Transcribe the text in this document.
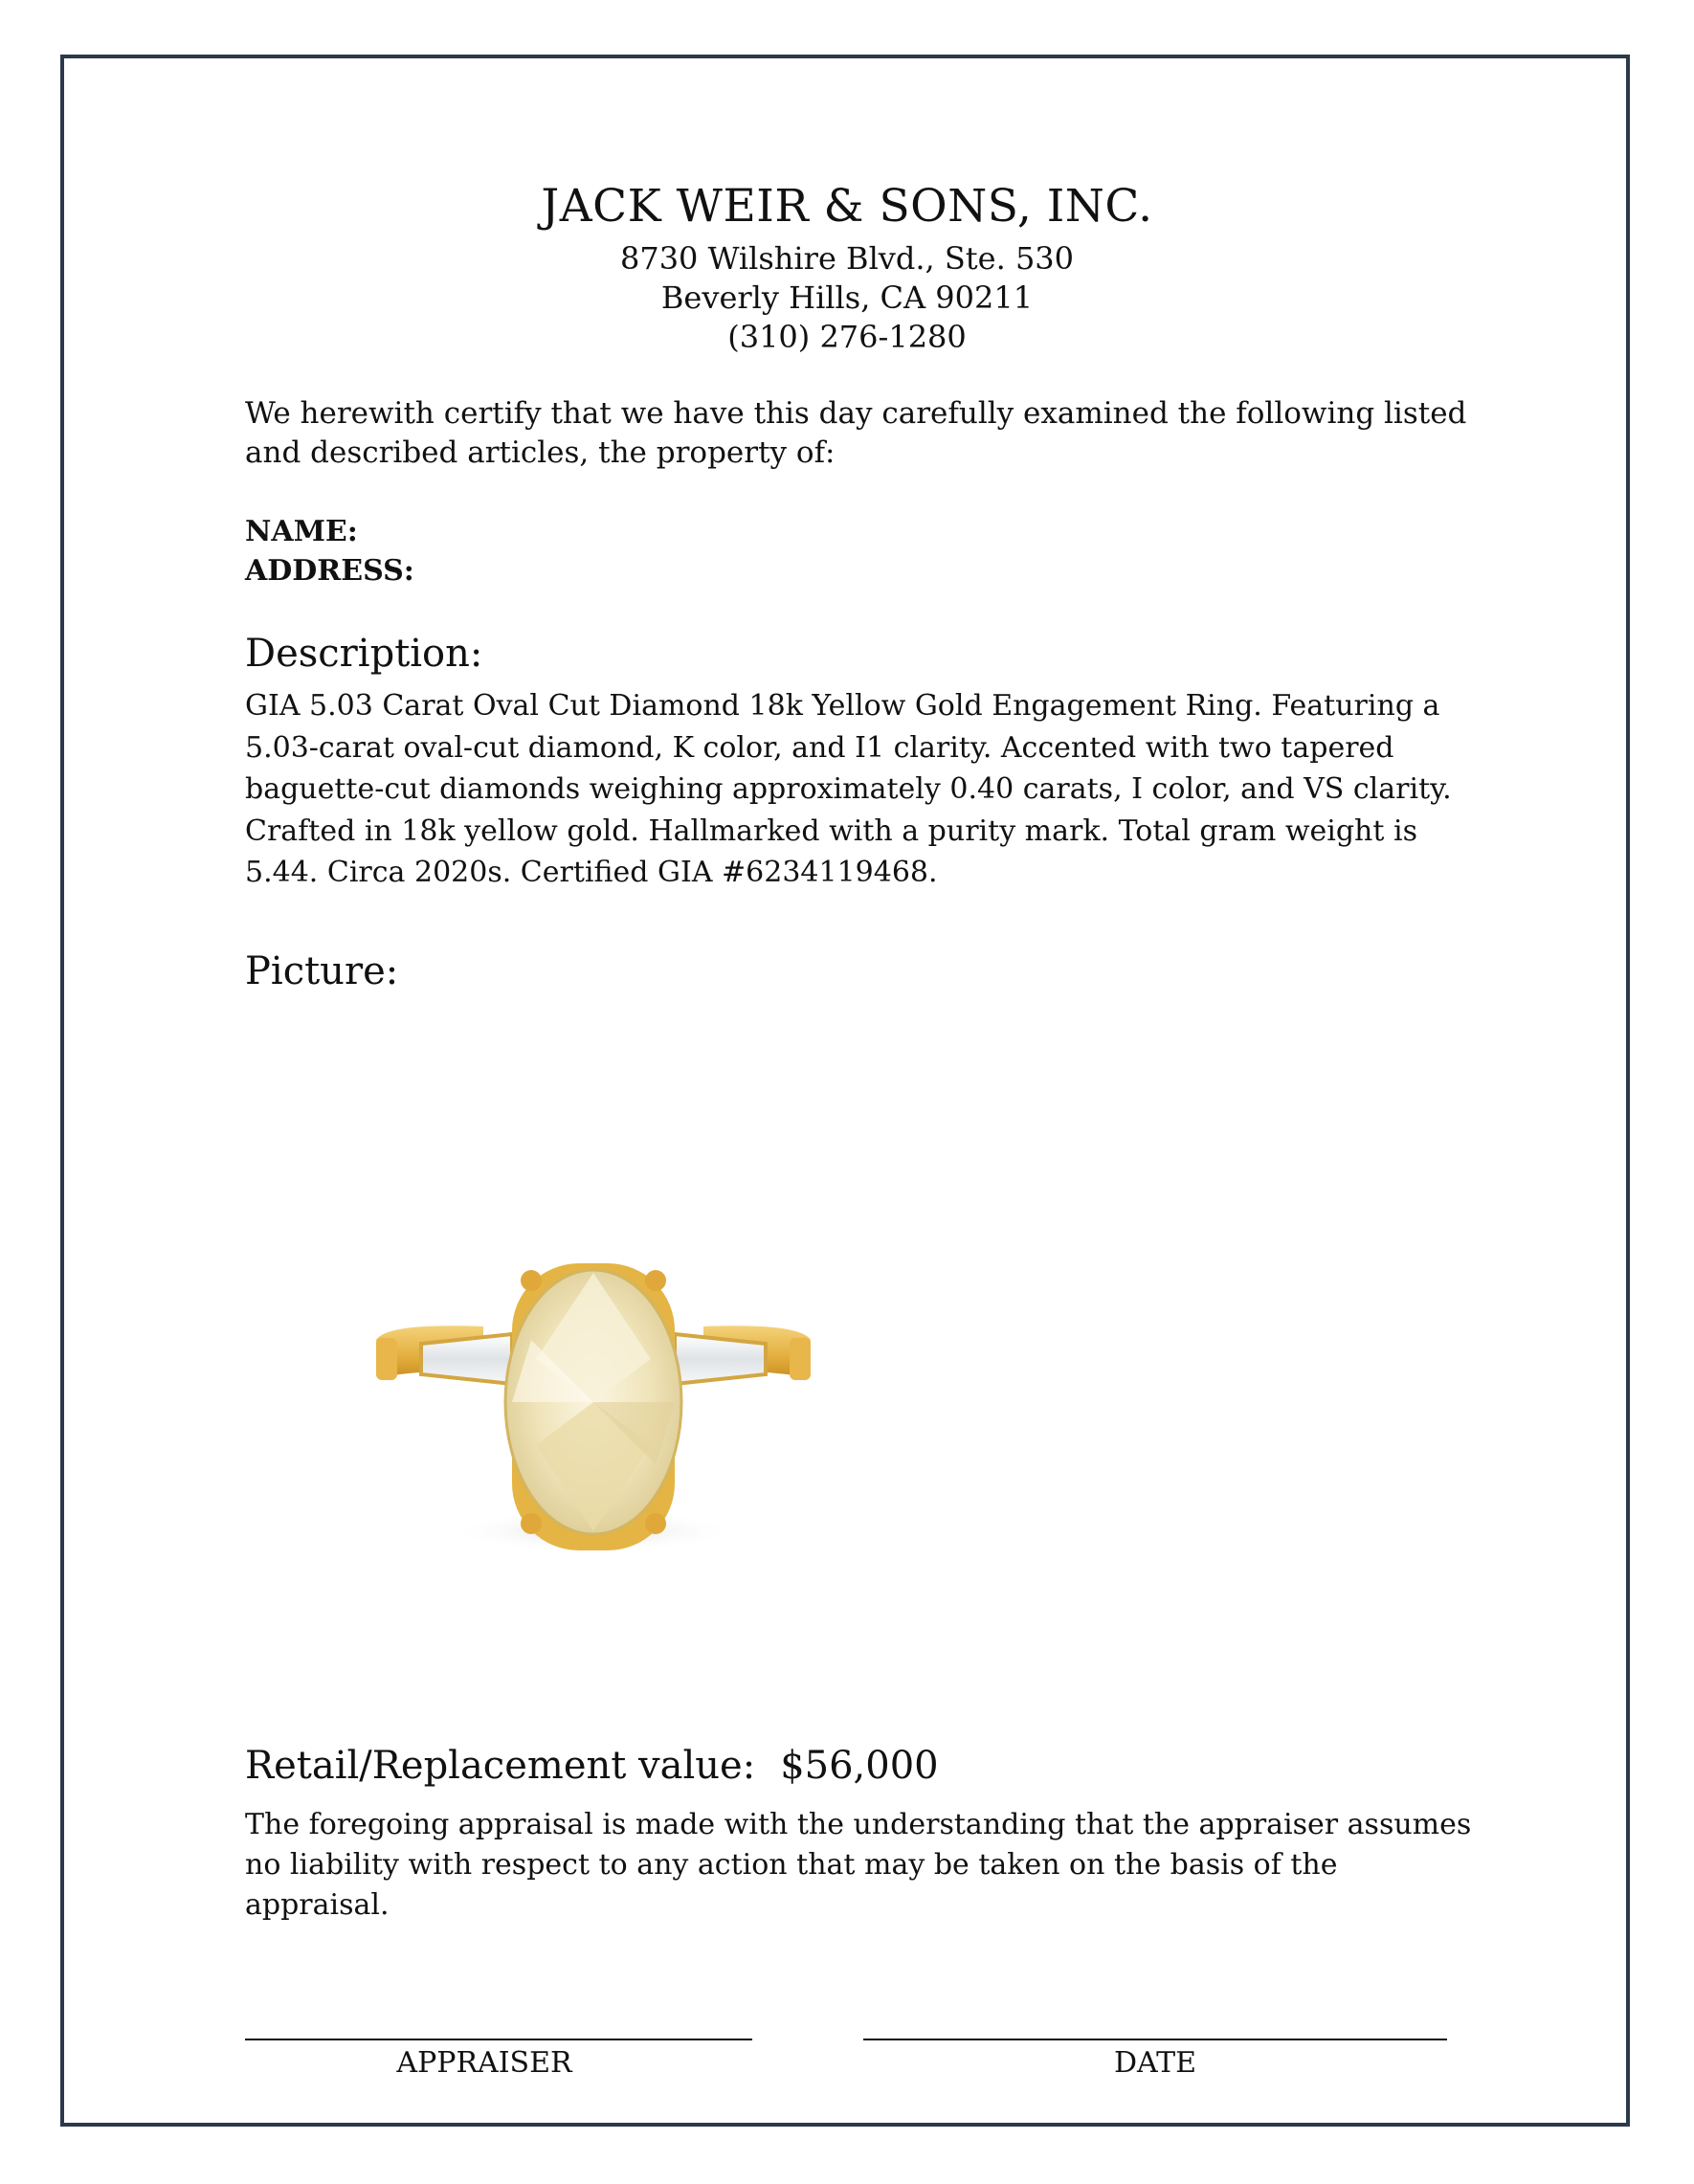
JACK WEIR & SONS, INC.
8730 Wilshire Blvd., Ste. 530
Beverly Hills, CA 90211
(310) 276-1280
We herewith certify that we have this day carefully examined the following listed and described articles, the property of:
NAME:
ADDRESS:
Description:
GIA 5.03 Carat Oval Cut Diamond 18k Yellow Gold Engagement Ring. Featuring a 5.03-carat oval-cut diamond, K color, and I1 clarity. Accented with two tapered baguette-cut diamonds weighing approximately 0.40 carats, I color, and VS clarity. Crafted in 18k yellow gold. Hallmarked with a purity mark. Total gram weight is 5.44. Circa 2020s. Certified GIA #6234119468.
Picture:
Retail/Replacement value: $56,000
The foregoing appraisal is made with the understanding that the appraiser assumes no liability with respect to any action that may be taken on the basis of the appraisal.
APPRAISER	DATE
